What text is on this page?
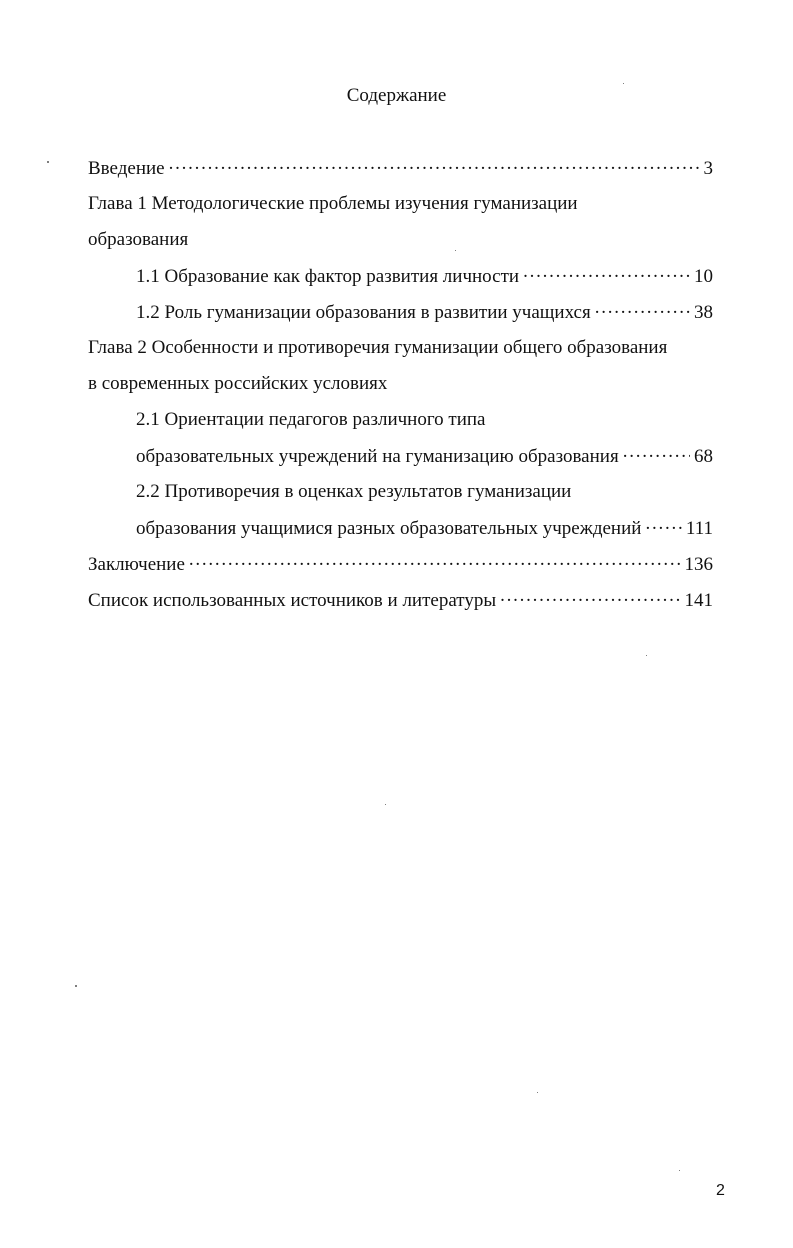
Содержание
Введение . . .	3
Глава 1 Методологические проблемы изучения гуманизации
образования
1.1 Образование как фактор развития личности . . .	10
1.2 Роль гуманизации образования в развитии учащихся . . .	38
Глава 2 Особенности и противоречия гуманизации общего образования
в современных российских условиях
2.1 Ориентации педагогов различного типа
образовательных учреждений на гуманизацию образования . . .	68
2.2 Противоречия в оценках результатов гуманизации
образования учащимися разных образовательных учреждений . . . 111
Заключение . . .	136
Список использованных источников и литературы . . .	141
2
